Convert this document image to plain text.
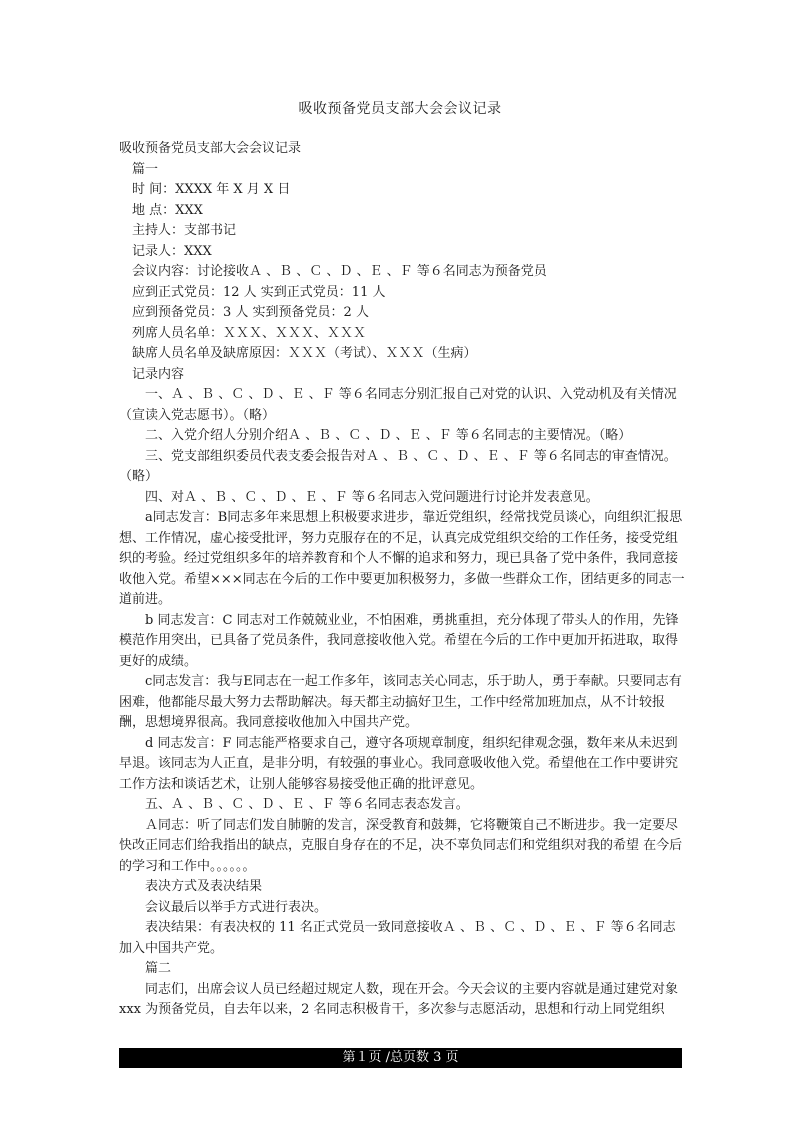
吸收预备党员支部大会会议记录

吸收预备党员支部大会会议记录

篇一

时 间：XXXX 年 X 月 X 日

地 点：XXX

主持人：支部书记

记录人：XXX

会议内容：讨论接收Ａ 、Ｂ 、Ｃ 、Ｄ 、Ｅ 、Ｆ 等６名同志为预备党员

应到正式党员：12 人 实到正式党员：11 人

应到预备党员：3 人 实到预备党员：2 人

列席人员名单：ＸＸＸ、ＸＸＸ、ＸＸＸ

缺席人员名单及缺席原因：ＸＸＸ（考试）、ＸＸＸ（生病）

记录内容

一、Ａ 、Ｂ 、Ｃ 、Ｄ 、Ｅ 、Ｆ 等６名同志分别汇报自己对党的认识、入党动机及有关情况（宣读入党志愿书）。（略）

二、入党介绍人分别介绍Ａ 、Ｂ 、Ｃ 、Ｄ 、Ｅ 、Ｆ 等６名同志的主要情况。（略）

三、党支部组织委员代表支委会报告对Ａ 、Ｂ 、Ｃ 、Ｄ 、Ｅ 、Ｆ 等６名同志的审查情况。（略）

四、对Ａ 、Ｂ 、Ｃ 、Ｄ 、Ｅ 、Ｆ 等６名同志入党问题进行讨论并发表意见。

a同志发言：B同志多年来思想上积极要求进步，靠近党组织，经常找党员谈心，向组织汇报思想、工作情况，虚心接受批评，努力克服存在的不足，认真完成党组织交给的工作任务，接受党组织的考验。经过党组织多年的培养教育和个人不懈的追求和努力，现已具备了党中条件，我同意接收他入党。希望×××同志在今后的工作中要更加积极努力，多做一些群众工作，团结更多的同志一道前进。

b 同志发言：C 同志对工作兢兢业业，不怕困难，勇挑重担，充分体现了带头人的作用，先锋模范作用突出，已具备了党员条件，我同意接收他入党。希望在今后的工作中更加开拓进取，取得更好的成绩。

c同志发言：我与E同志在一起工作多年，该同志关心同志，乐于助人，勇于奉献。只要同志有困难，他都能尽最大努力去帮助解决。每天都主动搞好卫生，工作中经常加班加点，从不计较报酬，思想境界很高。我同意接收他加入中国共产党。

d 同志发言：F 同志能严格要求自己，遵守各项规章制度，组织纪律观念强，数年来从未迟到早退。该同志为人正直，是非分明，有较强的事业心。我同意吸收他入党。希望他在工作中要讲究工作方法和谈话艺术，让别人能够容易接受他正确的批评意见。

五、Ａ 、Ｂ 、Ｃ 、Ｄ 、Ｅ 、Ｆ 等６名同志表态发言。

Ａ同志：听了同志们发自肺腑的发言，深受教育和鼓舞，它将鞭策自己不断进步。我一定要尽快改正同志们给我指出的缺点，克服自身存在的不足，决不辜负同志们和党组织对我的希望 在今后的学习和工作中。。。。。。

表决方式及表决结果

会议最后以举手方式进行表决。

表决结果：有表决权的 11 名正式党员一致同意接收Ａ 、Ｂ 、Ｃ 、Ｄ 、Ｅ 、Ｆ 等６名同志加入中国共产党。

篇二

同志们，出席会议人员已经超过规定人数，现在开会。今天会议的主要内容就是通过建党对象 xxx 为预备党员，自去年以来，2 名同志积极肯干，多次参与志愿活动，思想和行动上同党组织

第１页 /总页数 3 页
